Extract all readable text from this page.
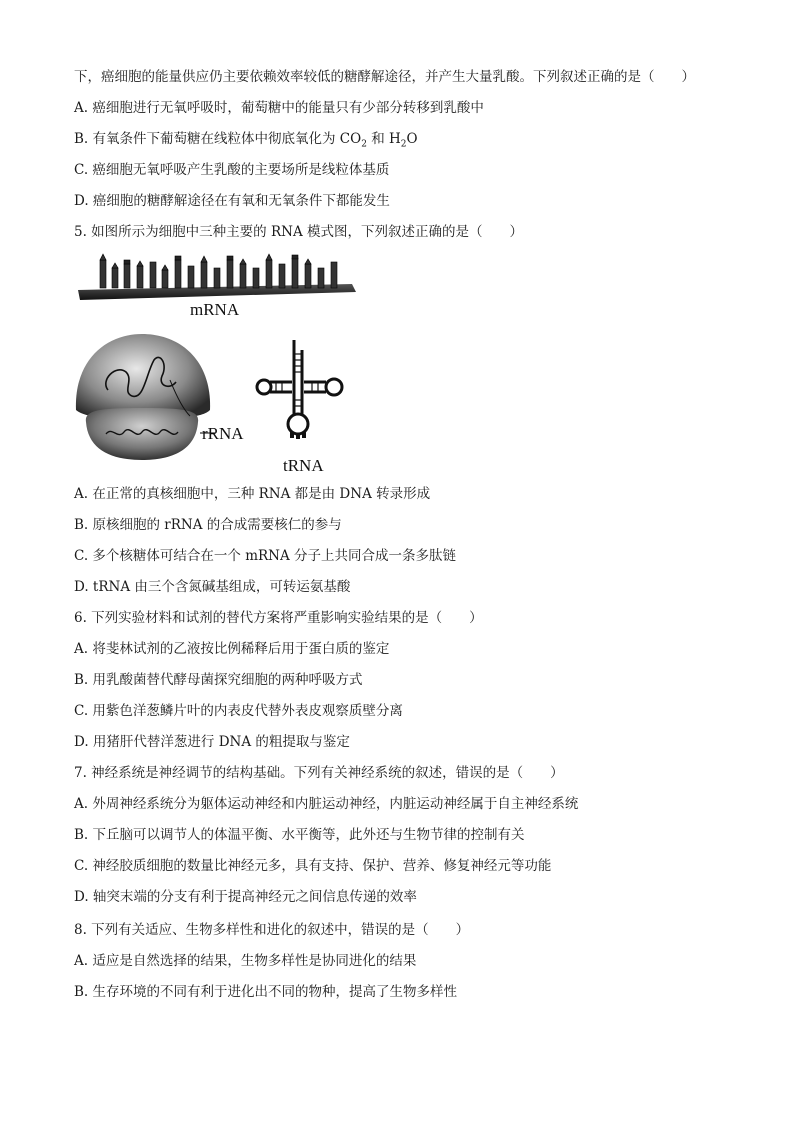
下，癌细胞的能量供应仍主要依赖效率较低的糖酵解途径，并产生大量乳酸。下列叙述正确的是（　　）
A. 癌细胞进行无氧呼吸时，葡萄糖中的能量只有少部分转移到乳酸中
B. 有氧条件下葡萄糖在线粒体中彻底氧化为 $CO_2$ 和 $H_2O$
C. 癌细胞无氧呼吸产生乳酸的主要场所是线粒体基质
D. 癌细胞的糖酵解途径在有氧和无氧条件下都能发生
5. 如图所示为细胞中三种主要的 RNA 模式图，下列叙述正确的是（　　）
mRNA
rRNA
tRNA
A. 在正常的真核细胞中，三种 RNA 都是由 DNA 转录形成
B. 原核细胞的 rRNA 的合成需要核仁的参与
C. 多个核糖体可结合在一个 mRNA 分子上共同合成一条多肽链
D. tRNA 由三个含氮碱基组成，可转运氨基酸
6. 下列实验材料和试剂的替代方案将严重影响实验结果的是（　　）
A. 将斐林试剂的乙液按比例稀释后用于蛋白质的鉴定
B. 用乳酸菌替代酵母菌探究细胞的两种呼吸方式
C. 用紫色洋葱鳞片叶的内表皮代替外表皮观察质壁分离
D. 用猪肝代替洋葱进行 DNA 的粗提取与鉴定
7. 神经系统是神经调节的结构基础。下列有关神经系统的叙述，错误的是（　　）
A. 外周神经系统分为躯体运动神经和内脏运动神经，内脏运动神经属于自主神经系统
B. 下丘脑可以调节人的体温平衡、水平衡等，此外还与生物节律的控制有关
C. 神经胶质细胞的数量比神经元多，具有支持、保护、营养、修复神经元等功能
D. 轴突末端的分支有利于提高神经元之间信息传递的效率
8. 下列有关适应、生物多样性和进化的叙述中，错误的是（　　）
A. 适应是自然选择的结果，生物多样性是协同进化的结果
B. 生存环境的不同有利于进化出不同的物种，提高了生物多样性
